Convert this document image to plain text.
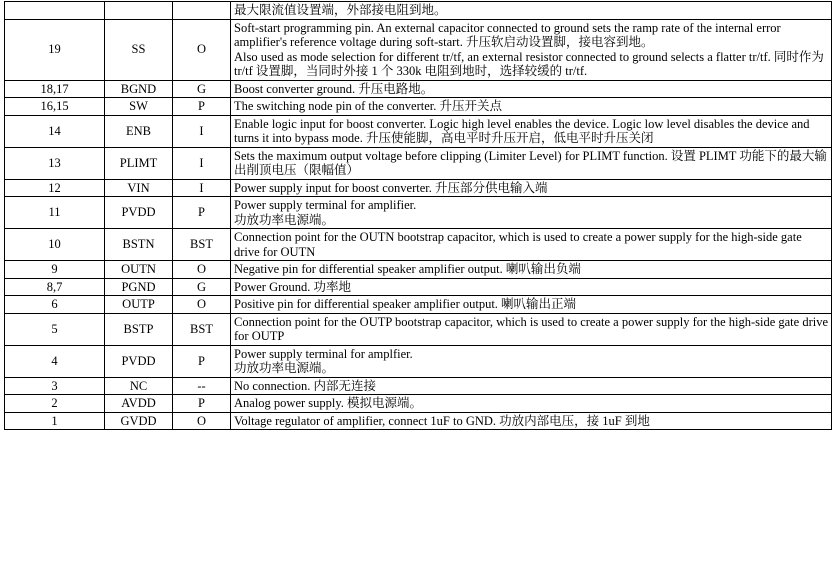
			最大限流值设置端，外部接电阻到地。

19	SS	O	Soft-start programming pin. An external capacitor connected to ground sets the ramp rate of the internal error amplifier's reference voltage during soft-start. 升压软启动设置脚，接电容到地。
Also used as mode selection for different tr/tf, an external resistor connected to ground selects a flatter tr/tf. 同时作为 tr/tf 设置脚，当同时外接 1 个 330k 电阻到地时，选择较缓的 tr/tf.

18,17	BGND	G	Boost converter ground. 升压电路地。

16,15	SW	P	The switching node pin of the converter. 升压开关点

14	ENB	I	Enable logic input for boost converter. Logic high level enables the device. Logic low level disables the device and turns it into bypass mode. 升压使能脚，高电平时升压开启，低电平时升压关闭

13	PLIMT	I	Sets the maximum output voltage before clipping (Limiter Level) for PLIMT function. 设置 PLIMT 功能下的最大输出削顶电压（限幅值）

12	VIN	I	Power supply input for boost converter. 升压部分供电输入端

11	PVDD	P	Power supply terminal for amplifier.
功放功率电源端。

10	BSTN	BST	Connection point for the OUTN bootstrap capacitor, which is used to create a power supply for the high-side gate drive for OUTN

9	OUTN	O	Negative pin for differential speaker amplifier output. 喇叭输出负端

8,7	PGND	G	Power Ground. 功率地

6	OUTP	O	Positive pin for differential speaker amplifier output. 喇叭输出正端

5	BSTP	BST	Connection point for the OUTP bootstrap capacitor, which is used to create a power supply for the high-side gate drive for OUTP

4	PVDD	P	Power supply terminal for amplfier.
功放功率电源端。

3	NC	--	No connection. 内部无连接

2	AVDD	P	Analog power supply. 模拟电源端。

1	GVDD	O	Voltage regulator of amplifier, connect 1uF to GND. 功放内部电压，接 1uF 到地
